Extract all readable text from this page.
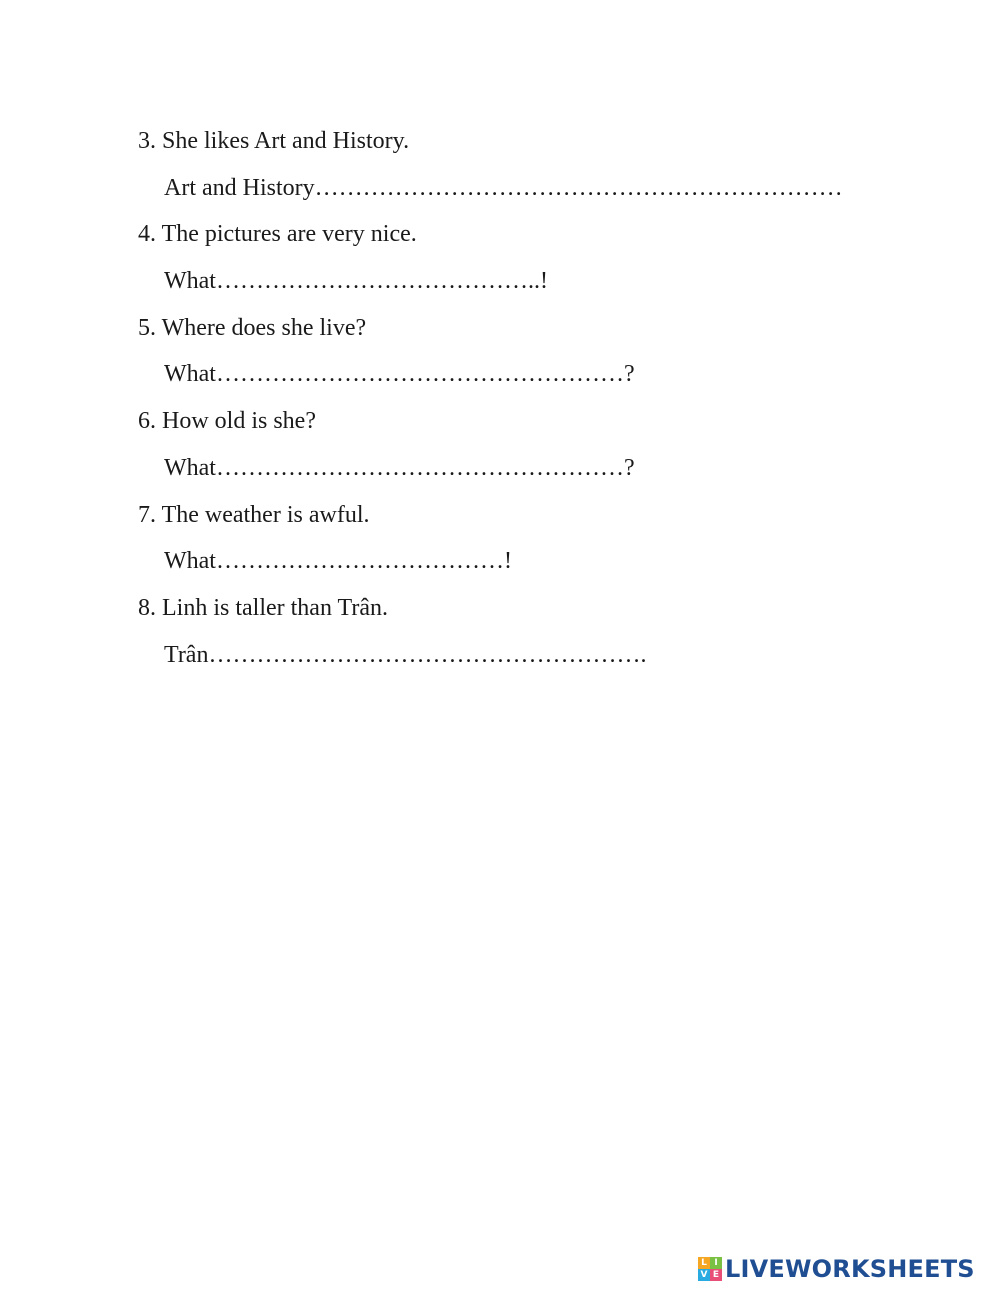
3. She likes Art and History.
Art and History…………………………………………………………
4. The pictures are very nice.
What…………………………………..!
5. Where does she live?
What……………………………………………?
6. How old is she?
What……………………………………………?
7. The weather is awful.
What………………………………!
8. Linh is taller than Trân.
Trân……………………………………………….
L I
V E LIVEWORKSHEETS
